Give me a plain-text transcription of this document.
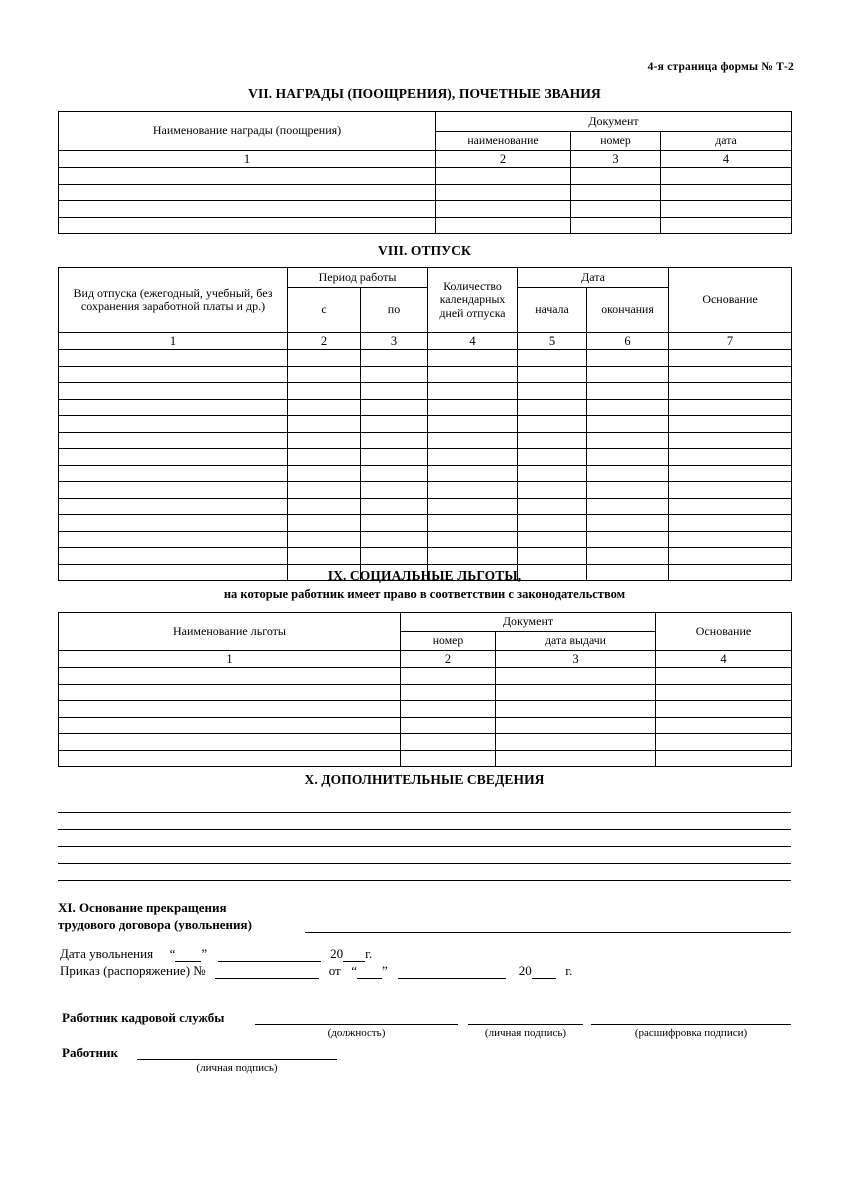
4-я страница формы № Т-2
VII. НАГРАДЫ (ПООЩРЕНИЯ), ПОЧЕТНЫЕ ЗВАНИЯ
Наименование награды (поощрения)	Документ		
	наименование	номер	дата
1	2	3	4

VIII. ОТПУСК
Вид отпуска (ежегодный, учебный, без сохранения заработной платы и др.)	Период работы		Количество календарных дней отпуска	Дата		Основание
	с	по		начала	окончания	
1	2	3	4	5	6	7

IX. СОЦИАЛЬНЫЕ ЛЬГОТЫ,
на которые работник имеет право в соответствии с законодательством
Наименование льготы	Документ		Основание
	номер	дата выдачи	
1	2	3	4

X. ДОПОЛНИТЕЛЬНЫЕ СВЕДЕНИЯ
XI. Основание прекращения
трудового договора (увольнения)
Дата увольнения “ ”	20 г.
Приказ (распоряжение) №	от “ ”	20	г.
Работник кадровой службы
(должность)	(личная подпись)	(расшифровка подписи)
Работник
(личная подпись)
